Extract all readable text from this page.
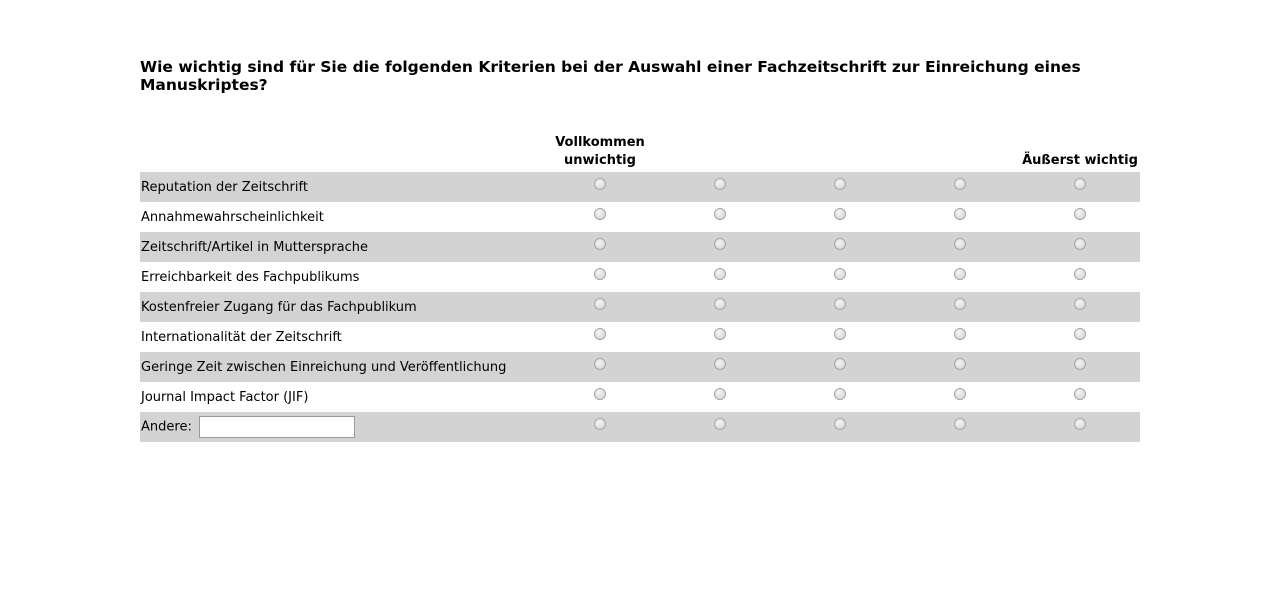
Wie wichtig sind für Sie die folgenden Kriterien bei der Auswahl einer Fachzeitschrift zur Einreichung eines Manuskriptes?

	Vollkommen unwichtig				Äußerst wichtig
Reputation der Zeitschrift					
Annahmewahrscheinlichkeit					
Zeitschrift/Artikel in Muttersprache					
Erreichbarkeit des Fachpublikums					
Kostenfreier Zugang für das Fachpublikum					
Internationalität der Zeitschrift					
Geringe Zeit zwischen Einreichung und Veröffentlichung					
Journal Impact Factor (JIF)					
Andere:					
